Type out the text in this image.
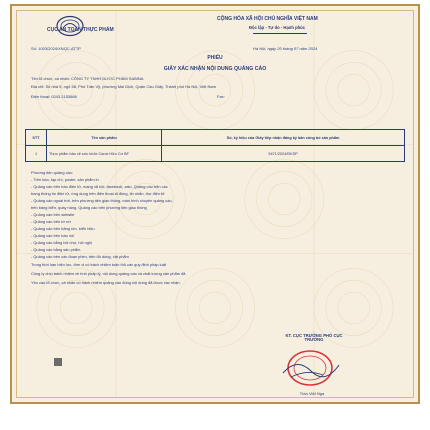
CỤC AN TOÀN THỰC PHẨM
Số: 1003/2024/XNQC-ATTP
CỘNG HÒA XÃ HỘI CHỦ NGHĨA VIỆT NAM
Độc lập - Tự do - Hạnh phúc
Hà Nội, ngày 20 tháng 07 năm 2024
PHIẾU
GIẤY XÁC NHẬN NỘI DUNG QUẢNG CÁO
Tên tổ chức, cá nhân: CÔNG TY TNHH DƯỢC PHẨM SABINA
Địa chỉ: Số nhà 5, ngõ 58, Phố Trần Vỹ, phường Mai Dịch, Quận Cầu Giấy, Thành phố Hà Nội, Việt Nam
Điện thoại: 0243.2153666	Fax:
STT	Tên sản phẩm	Số, ký hiệu của Giấy tiếp nhận đăng ký bản công bố sản phẩm
1	Thực phẩm bảo vệ sức khỏe Canxi Hữu Cơ BF	5471/2024/ĐKSP
Phương tiện quảng cáo:
- Trên báo, tạp chí, poster, sản phẩm in
- Quảng cáo trên báo điện tử, mạng xã hội, facebook, zalo, Quảng cáo trên các
trang thông tin điện tử, ứng dụng trên điện thoại di động, tin nhắn, thư điện tử
- Quảng cáo ngoài trời, trên phương tiện giao thông, màn hình chuyên quảng cáo,
trên bảng biển, quầy hàng. Quảng cáo trên phương tiện giao thông
- Quảng cáo trên website
- Quảng cáo trên tờ rơi
- Quảng cáo trên băng rôn, biển hiệu
- Quảng cáo trên báo nói
- Quảng cáo bằng hội chợ, hội nghị
- Quảng cáo bằng sản phẩm
- Quảng cáo trên các đoạn phim, trên đồ dùng, vật phẩm
Trong thời hạn hiệu lực, đơn vị có trách nhiệm tuân thủ các quy định pháp luật
Công ty chịu trách nhiệm về tính pháp lý, nội dung quảng cáo và chất lượng sản phẩm đã
Yêu cầu tổ chức, cá nhân có trách nhiệm quảng cáo đúng nội dung đã được xác nhận.
KT. CỤC TRƯỞNG PHÓ CỤC TRƯỞNG
Trần Việt Nga
